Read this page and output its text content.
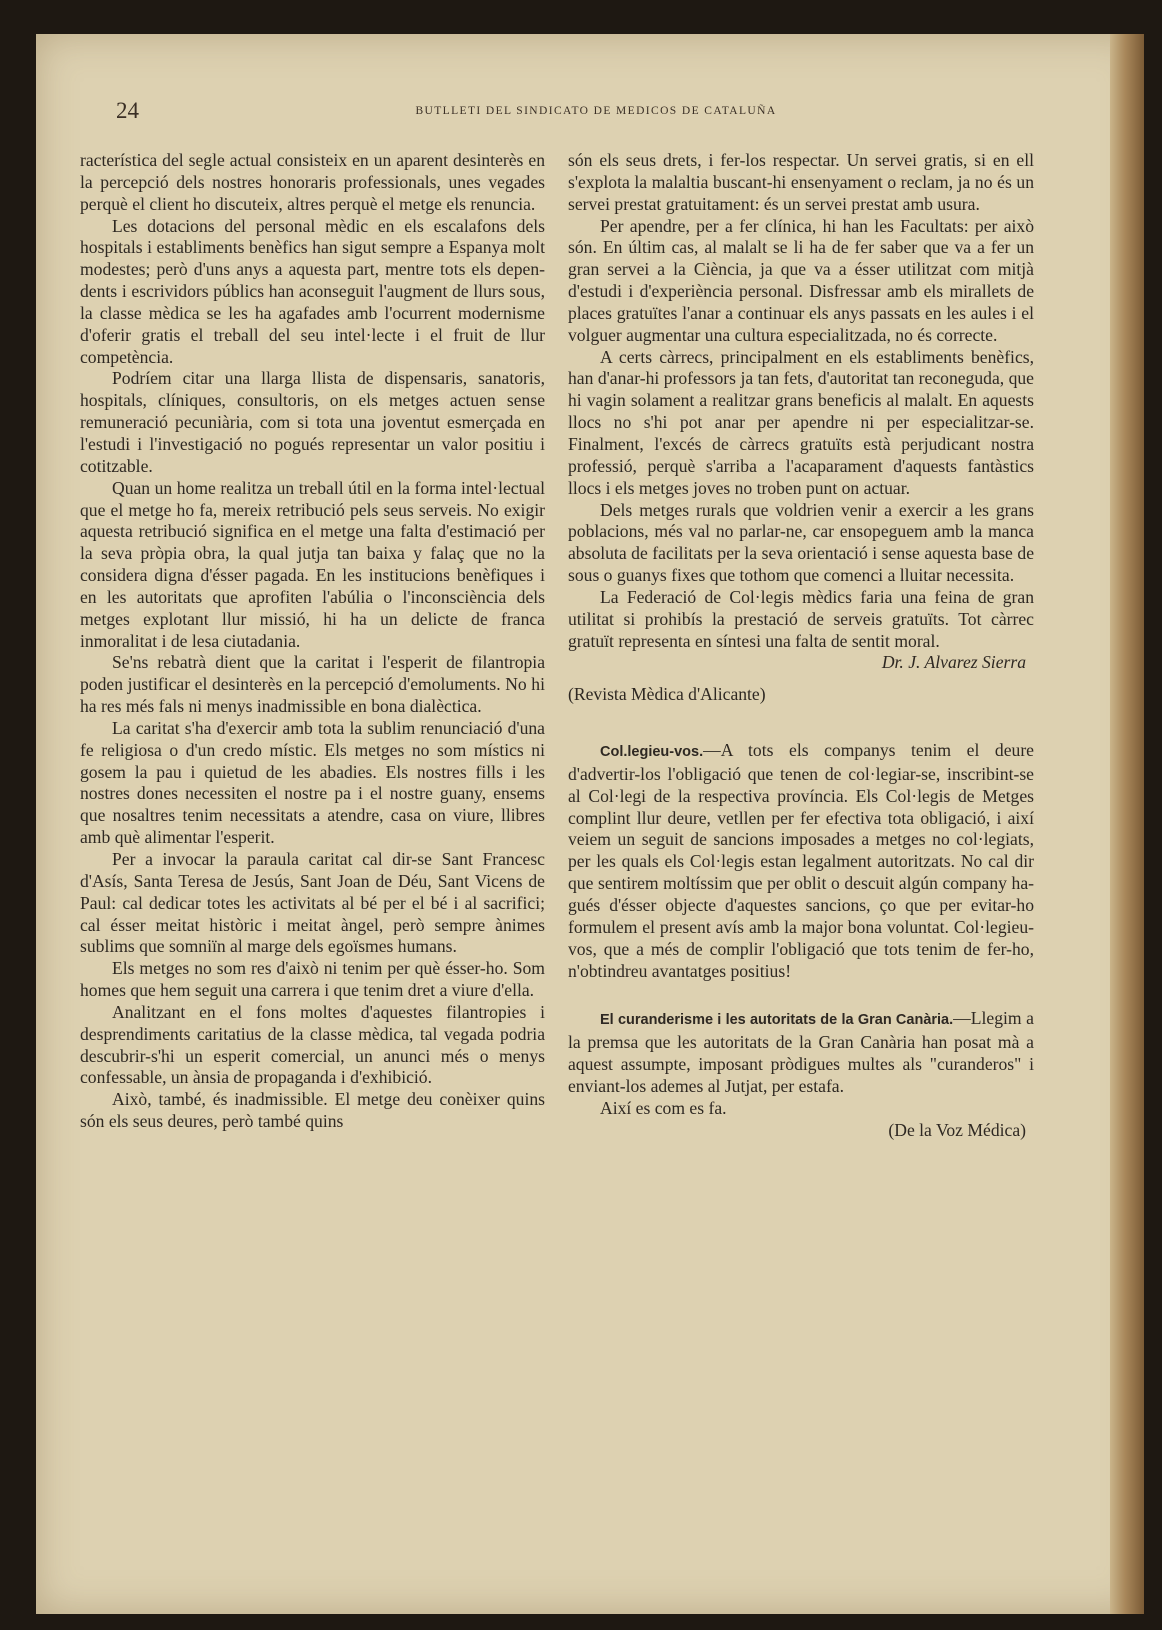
24	BUTLLETI DEL SINDICATO DE MEDICOS DE CATALUÑA

racterística del segle actual consisteix en un aparent desinterès en la percepció dels nostres honoraris professionals, unes vegades perquè el client ho discuteix, altres perquè el metge els renuncia.

Les dotacions del personal mèdic en els escalafons dels hospitals i establiments benèfics han sigut sempre a Espanya molt modestes; però d'uns anys a aquesta part, mentre tots els dependents i escrividors públics han aconseguit l'augment de llurs sous, la classe mèdica se les ha agafades amb l'ocurrent modernisme d'oferir gratis el treball del seu intel·lecte i el fruit de llur competència.

Podríem citar una llarga llista de dispensaris, sanatoris, hospitals, clíniques, consultoris, on els metges actuen sense remuneració pecuniària, com si tota una joventut esmerçada en l'estudi i l'investigació no pogués representar un valor positiu i cotitzable.

Quan un home realitza un treball útil en la forma intel·lectual que el metge ho fa, mereix retribució pels seus serveis. No exigir aquesta retribució significa en el metge una falta d'estimació per la seva pròpia obra, la qual jutja tan baixa y falaç que no la considera digna d'ésser pagada. En les institucions benèfiques i en les autoritats que aprofiten l'abúlia o l'inconsciència dels metges explotant llur missió, hi ha un delicte de franca inmoralitat i de lesa ciutadania.

Se'ns rebatrà dient que la caritat i l'esperit de filantropia poden justificar el desinterès en la percepció d'emoluments. No hi ha res més fals ni menys inadmissible en bona dialèctica.

La caritat s'ha d'exercir amb tota la sublim renunciació d'una fe religiosa o d'un credo místic. Els metges no som místics ni gosem la pau i quietud de les abadies. Els nostres fills i les nostres dones necessiten el nostre pa i el nostre guany, ensems que nosaltres tenim necessitats a atendre, casa on viure, llibres amb què alimentar l'esperit.

Per a invocar la paraula caritat cal dir-se Sant Francesc d'Asís, Santa Teresa de Jesús, Sant Joan de Déu, Sant Vicens de Paul: cal dedicar totes les activitats al bé per el bé i al sacrifici; cal ésser meitat històric i meitat àngel, però sempre ànimes sublims que somniïn al marge dels egoïsmes humans.

Els metges no som res d'això ni tenim per què ésser-ho. Som homes que hem seguit una carrera i que tenim dret a viure d'ella.

Analitzant en el fons moltes d'aquestes filantropies i desprendiments caritatius de la classe mèdica, tal vegada podria descubrir-s'hi un esperit comercial, un anunci més o menys confessable, un ànsia de propaganda i d'exhibició.

Això, també, és inadmissible. El metge deu conèixer quins són els seus deures, però també quins

són els seus drets, i fer-los respectar. Un servei gratis, si en ell s'explota la malaltia buscant-hi ensenyament o reclam, ja no és un servei prestat gratuitament: és un servei prestat amb usura.

Per apendre, per a fer clínica, hi han les Facultats: per això són. En últim cas, al malalt se li ha de fer saber que va a fer un gran servei a la Ciència, ja que va a ésser utilitzat com mitjà d'estudi i d'experiència personal. Disfressar amb els mirallets de places gratuïtes l'anar a continuar els anys passats en les aules i el volguer augmentar una cultura especialitzada, no és correcte.

A certs càrrecs, principalment en els establiments benèfics, han d'anar-hi professors ja tan fets, d'autoritat tan reconeguda, que hi vagin solament a realitzar grans beneficis al malalt. En aquests llocs no s'hi pot anar per apendre ni per especialitzar-se. Finalment, l'excés de càrrecs gratuïts està perjudicant nostra professió, perquè s'arriba a l'acaparament d'aquests fantàstics llocs i els metges joves no troben punt on actuar.

Dels metges rurals que voldrien venir a exercir a les grans poblacions, més val no parlar-ne, car ensopeguem amb la manca absoluta de facilitats per la seva orientació i sense aquesta base de sous o guanys fixes que tothom que comenci a lluitar necessita.

La Federació de Col·legis mèdics faria una feina de gran utilitat si prohibís la prestació de serveis gratuïts. Tot càrrec gratuït representa en síntesi una falta de sentit moral.

Dr. J. Alvarez Sierra

(Revista Mèdica d'Alicante)

Col.legieu-vos.—A tots els companys tenim el deure d'advertir-los l'obligació que tenen de col·legiar-se, inscribint-se al Col·legi de la respectiva província. Els Col·legis de Metges complint llur deure, vetllen per fer efectiva tota obligació, i així veiem un seguit de sancions imposades a metges no col·legiats, per les quals els Col·legis estan legalment autoritzats. No cal dir que sentirem moltíssim que per oblit o descuit algún company hagués d'ésser objecte d'aquestes sancions, ço que per evitar-ho formulem el present avís amb la major bona voluntat. Col·legieu-vos, que a més de complir l'obligació que tots tenim de fer-ho, n'obtindreu avantatges positius!

El curanderisme i les autoritats de la Gran Canària.—Llegim a la premsa que les autoritats de la Gran Canària han posat mà a aquest assumpte, imposant pròdigues multes als "curanderos" i enviant-los ademes al Jutjat, per estafa.

Així es com es fa.

(De la Voz Médica)
